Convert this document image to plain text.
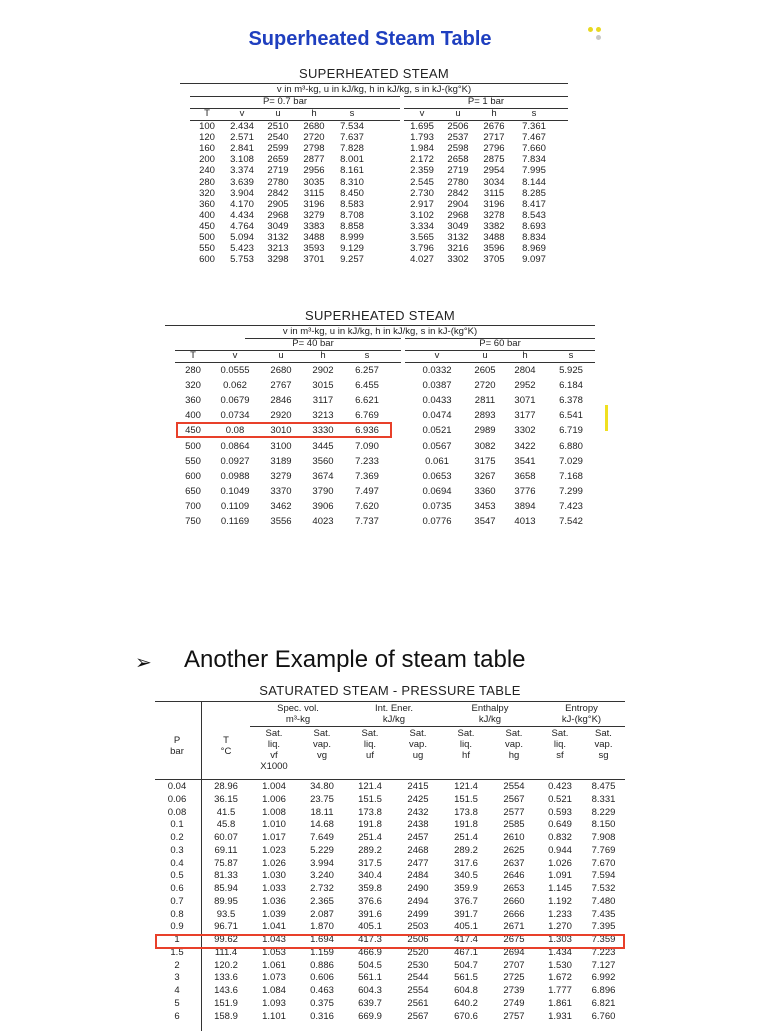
Superheated Steam Table
SUPERHEATED STEAM
v in m³-kg, u in kJ/kg, h in kJ/kg, s in kJ-(kg°K)
P= 0.7 bar	P= 1 bar
T	v	u	h	s	v	u	h	s
100	2.434	2510	2680	7.534	1.695	2506	2676	7.361
120	2.571	2540	2720	7.637	1.793	2537	2717	7.467
160	2.841	2599	2798	7.828	1.984	2598	2796	7.660
200	3.108	2659	2877	8.001	2.172	2658	2875	7.834
240	3.374	2719	2956	8.161	2.359	2719	2954	7.995
280	3.639	2780	3035	8.310	2.545	2780	3034	8.144
320	3.904	2842	3115	8.450	2.730	2842	3115	8.285
360	4.170	2905	3196	8.583	2.917	2904	3196	8.417
400	4.434	2968	3279	8.708	3.102	2968	3278	8.543
450	4.764	3049	3383	8.858	3.334	3049	3382	8.693
500	5.094	3132	3488	8.999	3.565	3132	3488	8.834
550	5.423	3213	3593	9.129	3.796	3216	3596	8.969
600	5.753	3298	3701	9.257	4.027	3302	3705	9.097
SUPERHEATED STEAM
v in m³-kg, u in kJ/kg, h in kJ/kg, s in kJ-(kg°K)
P= 40 bar	P= 60 bar
T	v	u	h	s	v	u	h	s
280	0.0555	2680	2902	6.257	0.0332	2605	2804	5.925
320	0.062	2767	3015	6.455	0.0387	2720	2952	6.184
360	0.0679	2846	3117	6.621	0.0433	2811	3071	6.378
400	0.0734	2920	3213	6.769	0.0474	2893	3177	6.541
450	0.08	3010	3330	6.936	0.0521	2989	3302	6.719
500	0.0864	3100	3445	7.090	0.0567	3082	3422	6.880
550	0.0927	3189	3560	7.233	0.061	3175	3541	7.029
600	0.0988	3279	3674	7.369	0.0653	3267	3658	7.168
650	0.1049	3370	3790	7.497	0.0694	3360	3776	7.299
700	0.1109	3462	3906	7.620	0.0735	3453	3894	7.423
750	0.1169	3556	4023	7.737	0.0776	3547	4013	7.542
➢ Another Example of steam table
SATURATED STEAM - PRESSURE TABLE
Spec. vol.
m³-kg
Int. Ener.
kJ/kg
Enthalpy
kJ/kg
Entropy
kJ-(kg°K)
P
bar
T
°C
Sat.
liq.
vf
X1000
Sat.
vap.
vg
Sat.
liq.
uf
Sat.
vap.
ug
Sat.
liq.
hf
Sat.
vap.
hg
Sat.
liq.
sf
Sat.
vap.
sg
0.04	28.96	1.004	34.80	121.4	2415	121.4	2554	0.423	8.475
0.06	36.15	1.006	23.75	151.5	2425	151.5	2567	0.521	8.331
0.08	41.5	1.008	18.11	173.8	2432	173.8	2577	0.593	8.229
0.1	45.8	1.010	14.68	191.8	2438	191.8	2585	0.649	8.150
0.2	60.07	1.017	7.649	251.4	2457	251.4	2610	0.832	7.908
0.3	69.11	1.023	5.229	289.2	2468	289.2	2625	0.944	7.769
0.4	75.87	1.026	3.994	317.5	2477	317.6	2637	1.026	7.670
0.5	81.33	1.030	3.240	340.4	2484	340.5	2646	1.091	7.594
0.6	85.94	1.033	2.732	359.8	2490	359.9	2653	1.145	7.532
0.7	89.95	1.036	2.365	376.6	2494	376.7	2660	1.192	7.480
0.8	93.5	1.039	2.087	391.6	2499	391.7	2666	1.233	7.435
0.9	96.71	1.041	1.870	405.1	2503	405.1	2671	1.270	7.395
1	99.62	1.043	1.694	417.3	2506	417.4	2675	1.303	7.359
1.5	111.4	1.053	1.159	466.9	2520	467.1	2694	1.434	7.223
2	120.2	1.061	0.886	504.5	2530	504.7	2707	1.530	7.127
3	133.6	1.073	0.606	561.1	2544	561.5	2725	1.672	6.992
4	143.6	1.084	0.463	604.3	2554	604.8	2739	1.777	6.896
5	151.9	1.093	0.375	639.7	2561	640.2	2749	1.861	6.821
6	158.9	1.101	0.316	669.9	2567	670.6	2757	1.931	6.760
